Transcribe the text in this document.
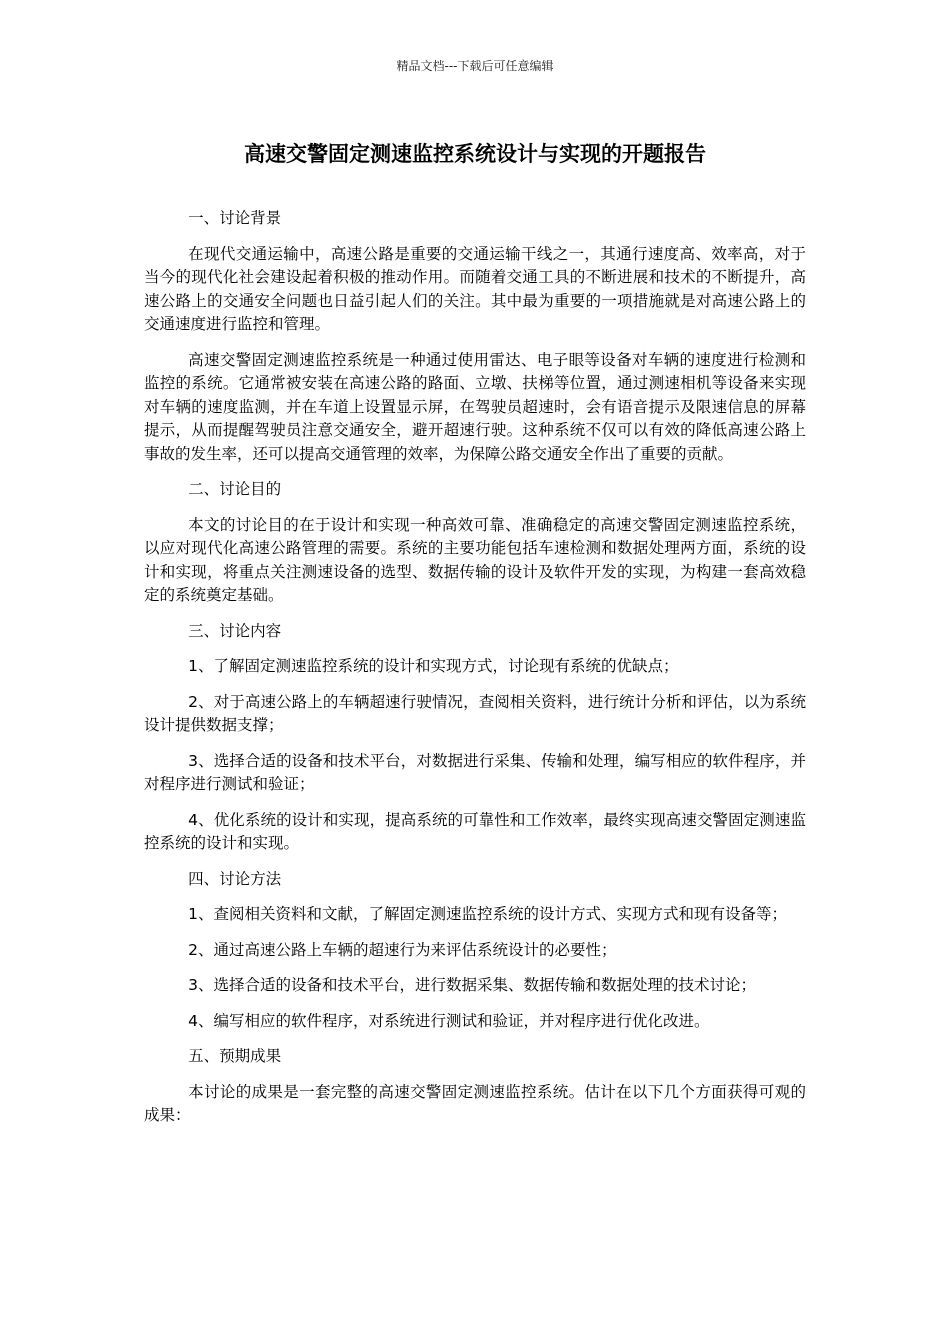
精品文档---下载后可任意编辑
高速交警固定测速监控系统设计与实现的开题报告

一、讨论背景

在现代交通运输中，高速公路是重要的交通运输干线之一，其通行速度高、效率高，对于当今的现代化社会建设起着积极的推动作用。而随着交通工具的不断进展和技术的不断提升，高速公路上的交通安全问题也日益引起人们的关注。其中最为重要的一项措施就是对高速公路上的交通速度进行监控和管理。

高速交警固定测速监控系统是一种通过使用雷达、电子眼等设备对车辆的速度进行检测和监控的系统。它通常被安装在高速公路的路面、立墩、扶梯等位置，通过测速相机等设备来实现对车辆的速度监测，并在车道上设置显示屏，在驾驶员超速时，会有语音提示及限速信息的屏幕提示，从而提醒驾驶员注意交通安全，避开超速行驶。这种系统不仅可以有效的降低高速公路上事故的发生率，还可以提高交通管理的效率，为保障公路交通安全作出了重要的贡献。

二、讨论目的

本文的讨论目的在于设计和实现一种高效可靠、准确稳定的高速交警固定测速监控系统，以应对现代化高速公路管理的需要。系统的主要功能包括车速检测和数据处理两方面，系统的设计和实现，将重点关注测速设备的选型、数据传输的设计及软件开发的实现，为构建一套高效稳定的系统奠定基础。

三、讨论内容

1、了解固定测速监控系统的设计和实现方式，讨论现有系统的优缺点；

2、对于高速公路上的车辆超速行驶情况，查阅相关资料，进行统计分析和评估，以为系统设计提供数据支撑；

3、选择合适的设备和技术平台，对数据进行采集、传输和处理，编写相应的软件程序，并对程序进行测试和验证；

4、优化系统的设计和实现，提高系统的可靠性和工作效率，最终实现高速交警固定测速监控系统的设计和实现。

四、讨论方法

1、查阅相关资料和文献，了解固定测速监控系统的设计方式、实现方式和现有设备等；

2、通过高速公路上车辆的超速行为来评估系统设计的必要性；

3、选择合适的设备和技术平台，进行数据采集、数据传输和数据处理的技术讨论；

4、编写相应的软件程序，对系统进行测试和验证，并对程序进行优化改进。

五、预期成果

本讨论的成果是一套完整的高速交警固定测速监控系统。估计在以下几个方面获得可观的成果：
